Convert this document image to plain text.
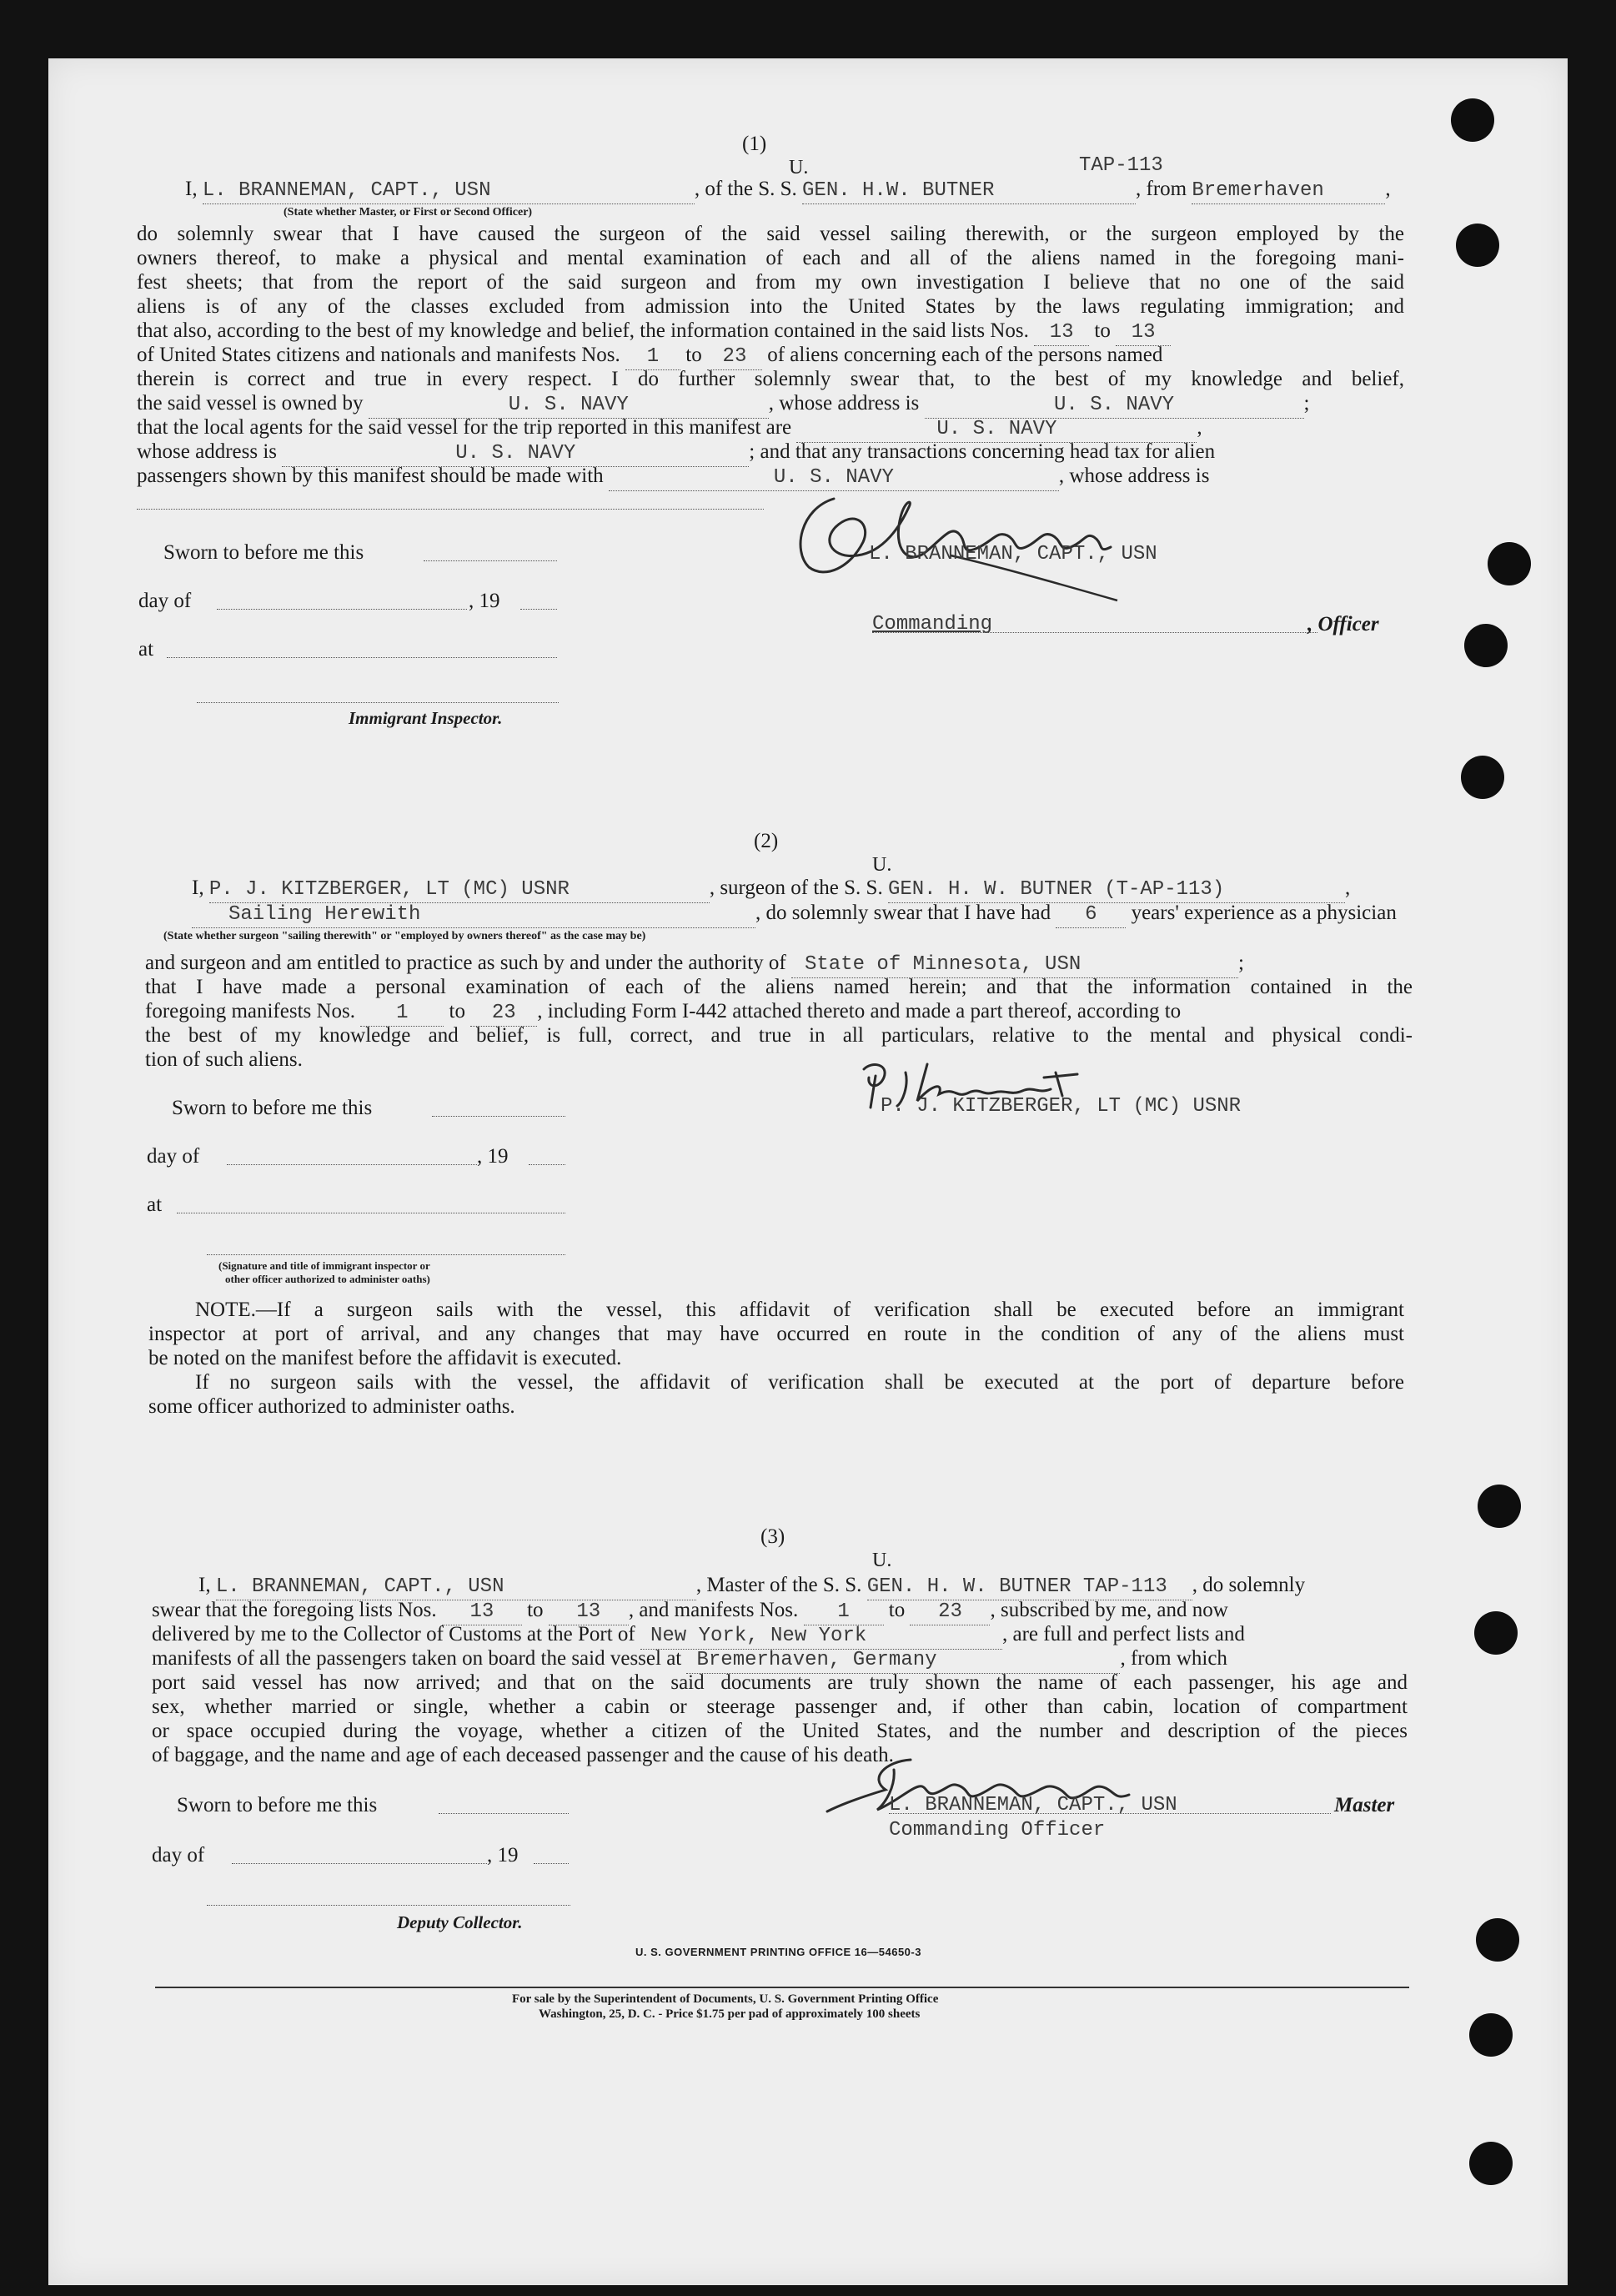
(1)
U.	TAP-113
I, L. BRANNEMAN, CAPT., USN	, of the S. S. GEN. H.W. BUTNER	, from Bremerhaven	,
(State whether Master, or First or Second Officer)
do solemnly swear that I have caused the surgeon of the said vessel sailing therewith, or the surgeon employed by the
owners thereof, to make a physical and mental examination of each and all of the aliens named in the foregoing mani-
fest sheets; that from the report of the said surgeon and from my own investigation I believe that no one of the said
aliens is of any of the classes excluded from admission into the United States by the laws regulating immigration; and
that also, according to the best of my knowledge and belief, the information contained in the said lists Nos. 13 to 13
of United States citizens and nationals and manifests Nos. 1 to 23 of aliens concerning each of the persons named
therein is correct and true in every respect. I do further solemnly swear that, to the best of my knowledge and belief,
the said vessel is owned by	U. S. NAVY	, whose address is	U. S. NAVY	;
that the local agents for the said vessel for the trip reported in this manifest are	U. S. NAVY	,
whose address is	U. S. NAVY	; and that any transactions concerning head tax for alien
passengers shown by this manifest should be made with	U. S. NAVY	, whose address is
L. BRANNEMAN, CAPT., USN
Sworn to before me this
day of	, 19
at
Immigrant Inspector.
Commanding	, Officer
(2)
U.
I, P. J. KITZBERGER, LT (MC) USNR	, surgeon of the S. S. GEN. H. W. BUTNER (T-AP-113)	,
Sailing Herewith	, do solemnly swear that I have had 6 years' experience as a physician
(State whether surgeon "sailing therewith" or "employed by owners thereof" as the case may be)
and surgeon and am entitled to practice as such by and under the authority of State of Minnesota, USN	;
that I have made a personal examination of each of the aliens named herein; and that the information contained in the
foregoing manifests Nos. 1 to 23 , including Form I-442 attached thereto and made a part thereof, according to
the best of my knowledge and belief, is full, correct, and true in all particulars, relative to the mental and physical condi-
tion of such aliens.
P. J. KITZBERGER, LT (MC) USNR
Sworn to before me this
day of	, 19
at
(Signature and title of immigrant inspector or
other officer authorized to administer oaths)
NOTE.—If a surgeon sails with the vessel, this affidavit of verification shall be executed before an immigrant
inspector at port of arrival, and any changes that may have occurred en route in the condition of any of the aliens must
be noted on the manifest before the affidavit is executed.
If no surgeon sails with the vessel, the affidavit of verification shall be executed at the port of departure before
some officer authorized to administer oaths.
(3)
U.
I, L. BRANNEMAN, CAPT., USN	, Master of the S. S. GEN. H. W. BUTNER TAP-113 , do solemnly
swear that the foregoing lists Nos. 13 to 13 , and manifests Nos. 1 to 23 , subscribed by me, and now
delivered by me to the Collector of Customs at the Port of New York, New York	, are full and perfect lists and
manifests of all the passengers taken on board the said vessel at Bremerhaven, Germany	, from which
port said vessel has now arrived; and that on the said documents are truly shown the name of each passenger, his age and
sex, whether married or single, whether a cabin or steerage passenger and, if other than cabin, location of compartment
or space occupied during the voyage, whether a citizen of the United States, and the number and description of the pieces
of baggage, and the name and age of each deceased passenger and the cause of his death.
L. BRANNEMAN, CAPT., USN	Master
Commanding Officer
Sworn to before me this
day of	, 19
Deputy Collector.
U. S. GOVERNMENT PRINTING OFFICE 16—54650-3
For sale by the Superintendent of Documents, U. S. Government Printing Office
Washington, 25, D. C. - Price $1.75 per pad of approximately 100 sheets
